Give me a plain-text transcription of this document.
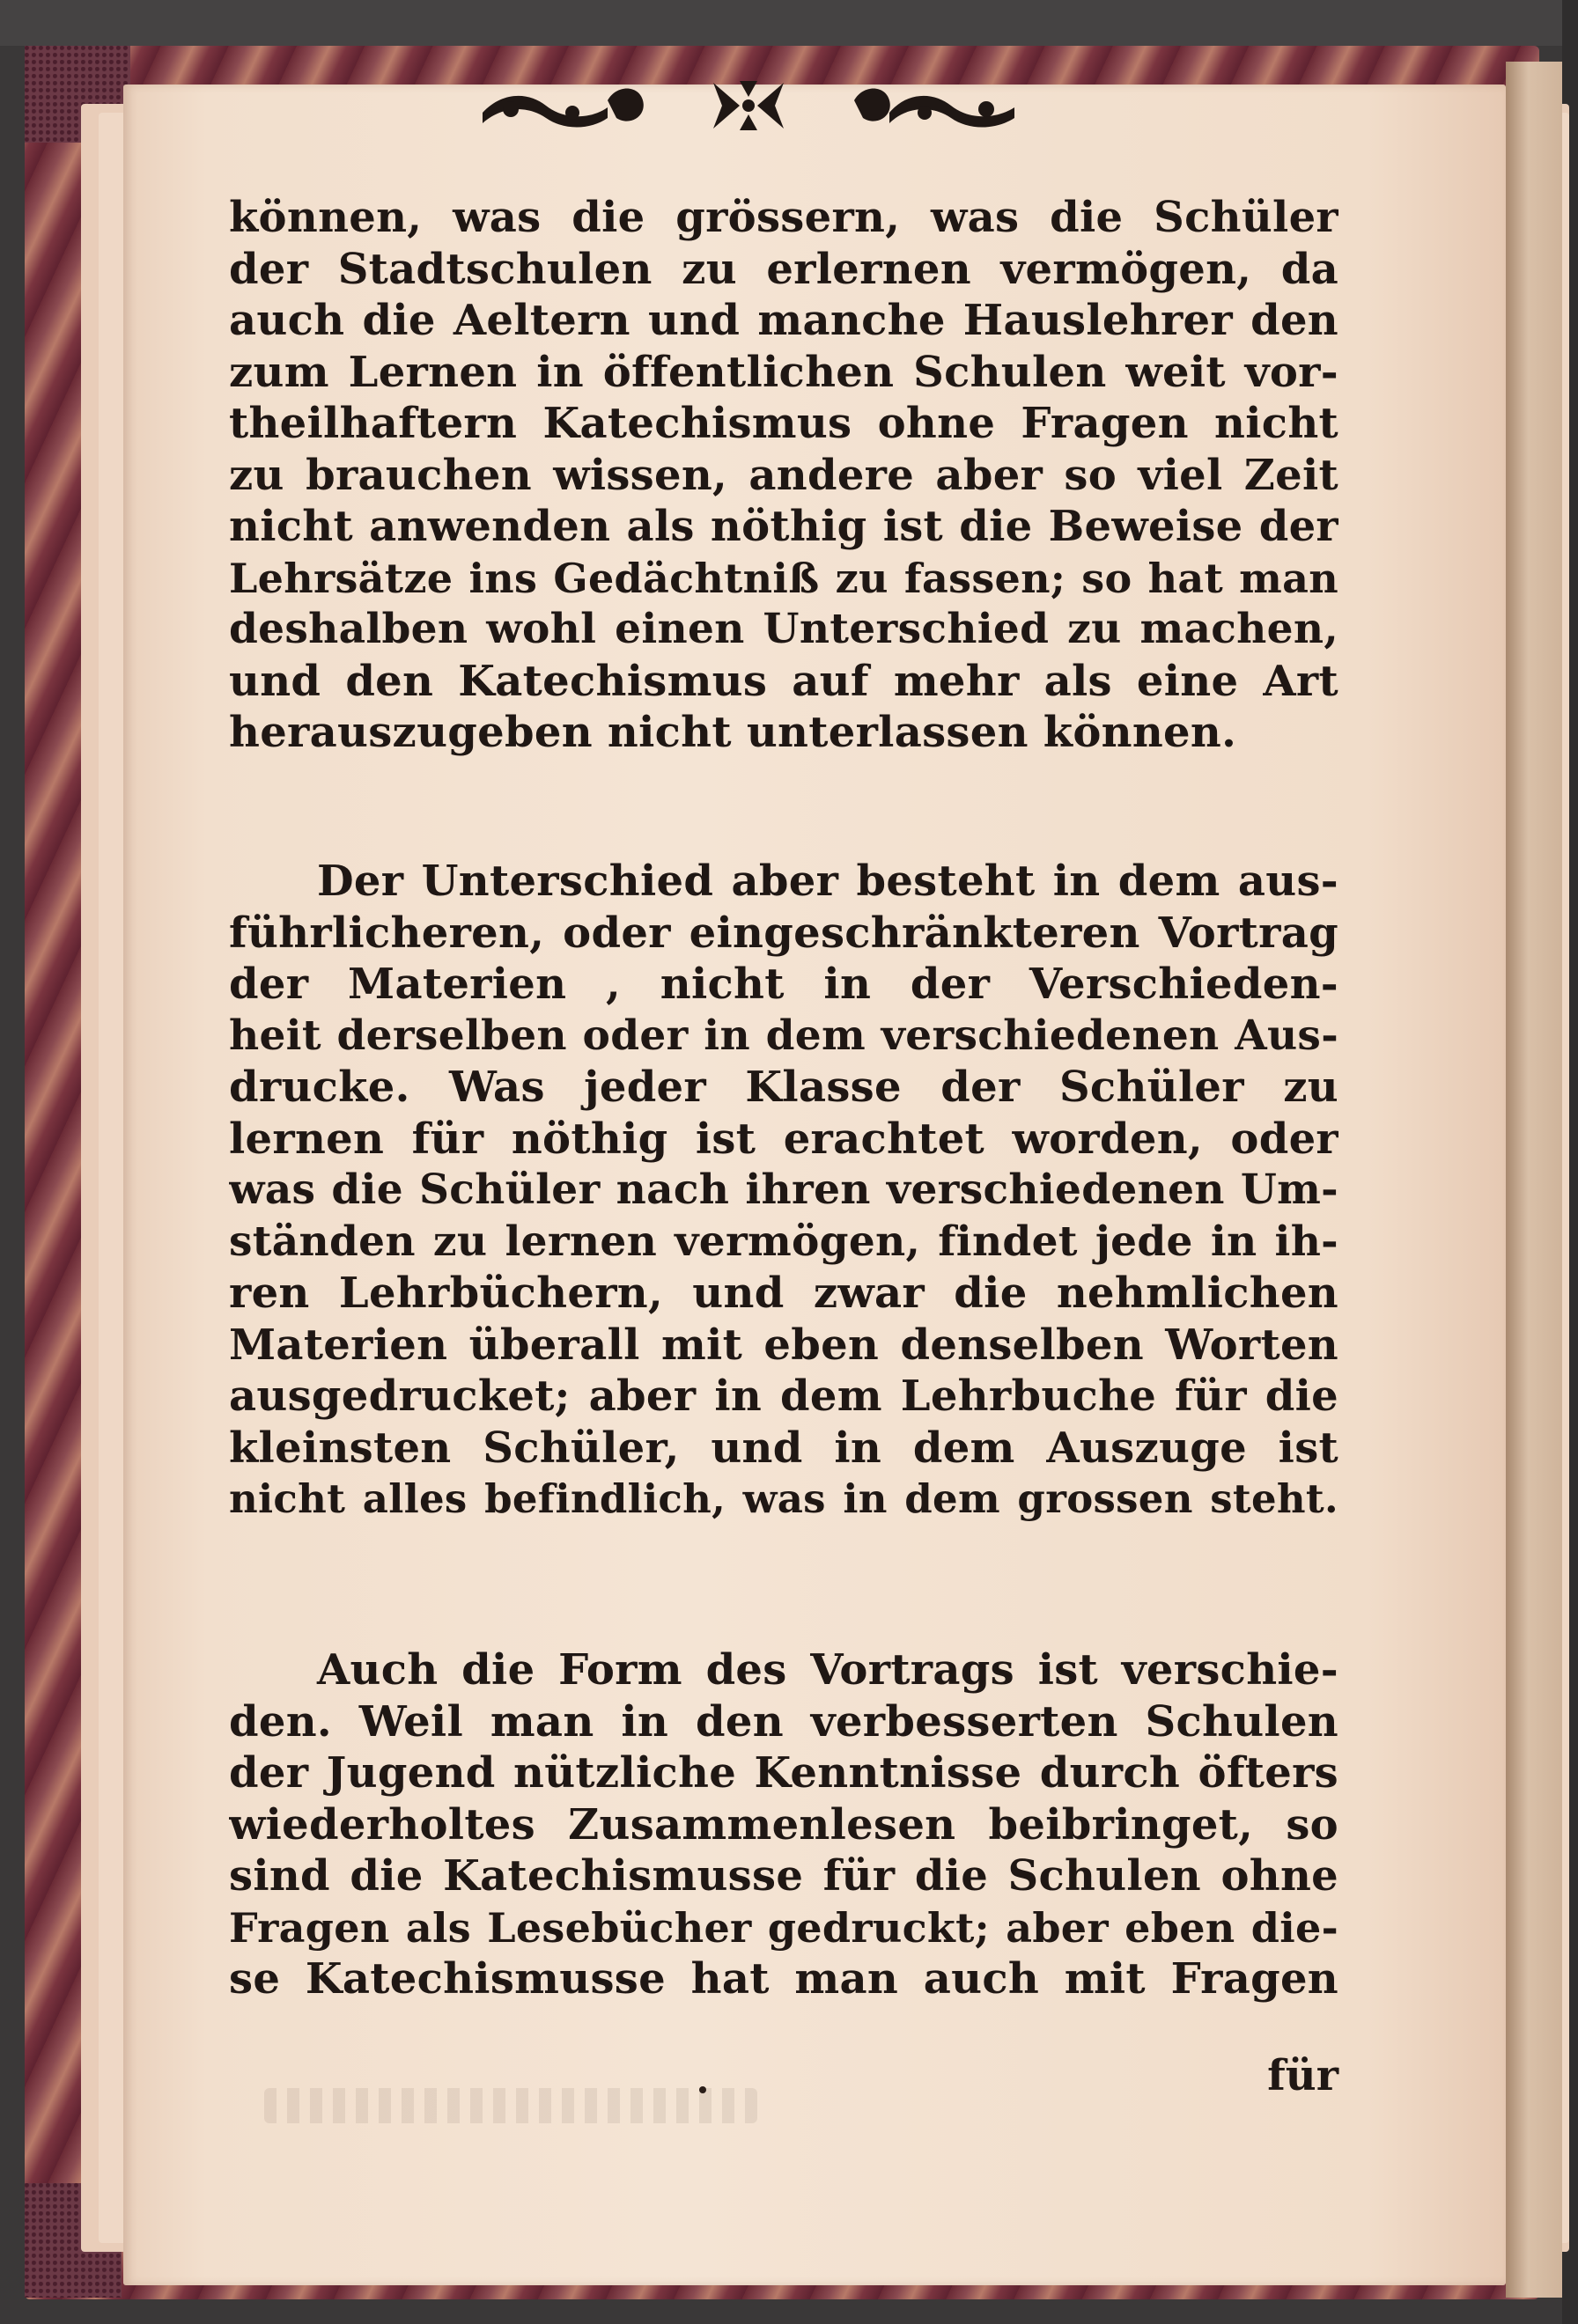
können, was die grössern, was die Schüler
der Stadtschulen zu erlernen vermögen, da
auch die Aeltern und manche Hauslehrer den
zum Lernen in öffentlichen Schulen weit vor-
theilhaftern Katechismus ohne Fragen nicht
zu brauchen wissen, andere aber so viel Zeit
nicht anwenden als nöthig ist die Beweise der
Lehrsätze ins Gedächtniß zu fassen; so hat man
deshalben wohl einen Unterschied zu machen,
und den Katechismus auf mehr als eine Art
herauszugeben nicht unterlassen können.
Der Unterschied aber besteht in dem aus-
führlicheren, oder eingeschränkteren Vortrag
der Materien , nicht in der Verschieden-
heit derselben oder in dem verschiedenen Aus-
drucke. Was jeder Klasse der Schüler zu
lernen für nöthig ist erachtet worden, oder
was die Schüler nach ihren verschiedenen Um-
ständen zu lernen vermögen, findet jede in ih-
ren Lehrbüchern, und zwar die nehmlichen
Materien überall mit eben denselben Worten
ausgedrucket; aber in dem Lehrbuche für die
kleinsten Schüler, und in dem Auszuge ist
nicht alles befindlich, was in dem grossen steht.
Auch die Form des Vortrags ist verschie-
den. Weil man in den verbesserten Schulen
der Jugend nützliche Kenntnisse durch öfters
wiederholtes Zusammenlesen beibringet, so
sind die Katechismusse für die Schulen ohne
Fragen als Lesebücher gedruckt; aber eben die-
se Katechismusse hat man auch mit Fragen
für
